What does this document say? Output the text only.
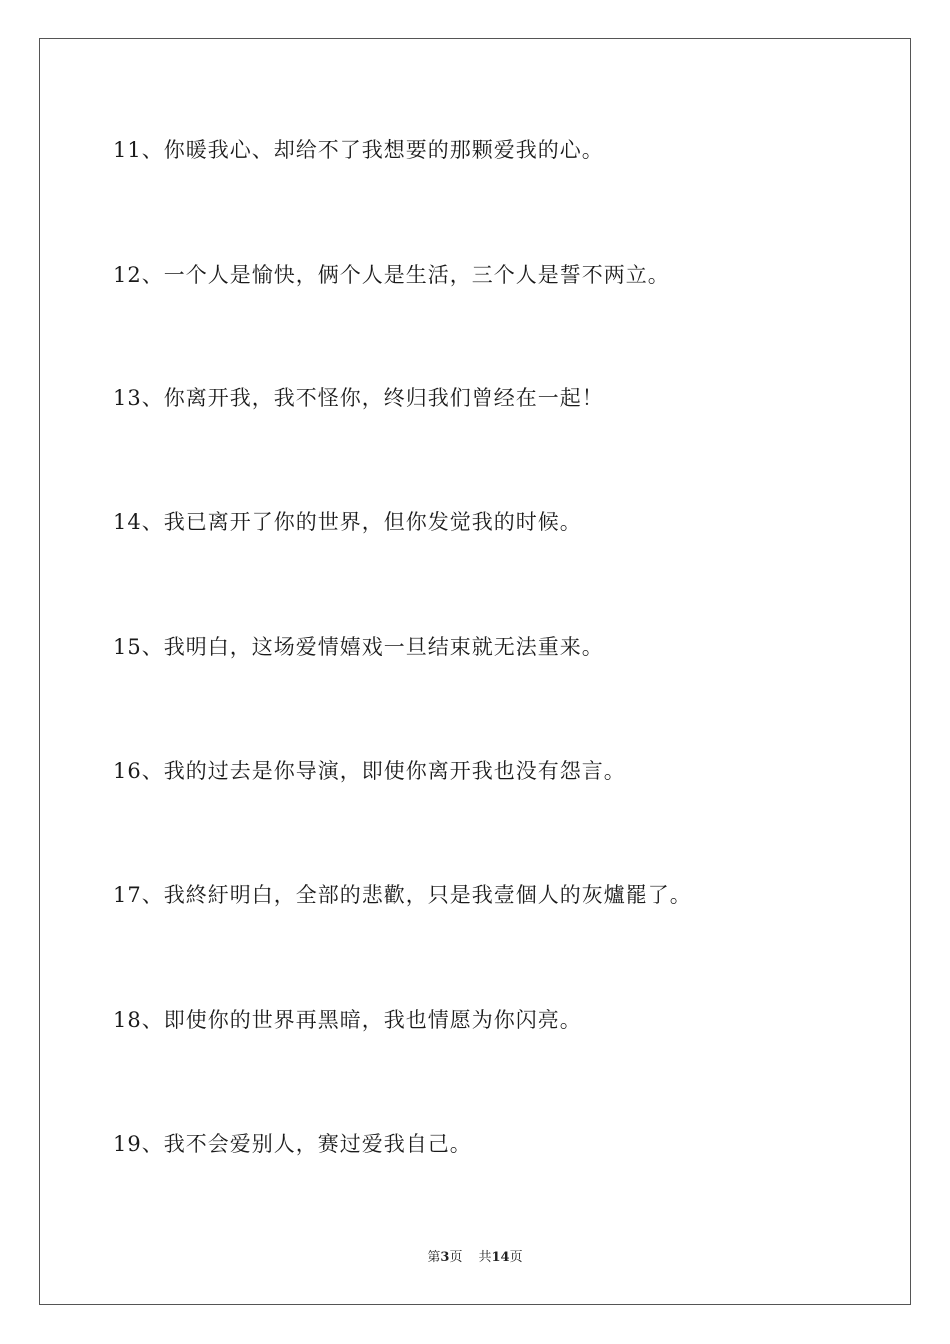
11、你暖我心、却给不了我想要的那颗爱我的心。
12、一个人是愉快，俩个人是生活，三个人是誓不两立。
13、你离开我，我不怪你，终归我们曾经在一起！
14、我已离开了你的世界，但你发觉我的时候。
15、我明白，这场爱情嬉戏一旦结束就无法重来。
16、我的过去是你导演，即使你离开我也没有怨言。
17、我終紆明白，全部的悲歡，只是我壹個人的灰爐罷了。
18、即使你的世界再黑暗，我也情愿为你闪亮。
19、我不会爱别人，赛过爱我自己。
第3页 共14页
